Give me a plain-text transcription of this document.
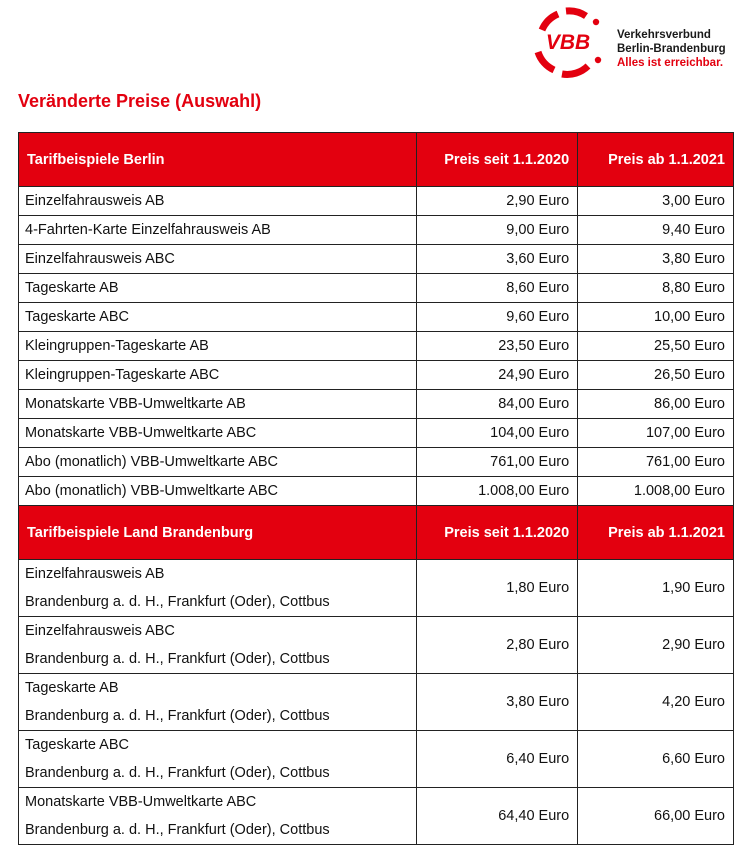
VBB Verkehrsverbund
Berlin-Brandenburg
Alles ist erreichbar.
Veränderte Preise (Auswahl)
Tarifbeispiele Berlin	Preis seit 1.1.2020	Preis ab 1.1.2021

Einzelfahrausweis AB	2,90 Euro	3,00 Euro

4-Fahrten-Karte Einzelfahrausweis AB	9,00 Euro	9,40 Euro

Einzelfahrausweis ABC	3,60 Euro	3,80 Euro

Tageskarte AB	8,60 Euro	8,80 Euro

Tageskarte ABC	9,60 Euro	10,00 Euro

Kleingruppen-Tageskarte AB	23,50 Euro	25,50 Euro

Kleingruppen-Tageskarte ABC	24,90 Euro	26,50 Euro

Monatskarte VBB-Umweltkarte AB	84,00 Euro	86,00 Euro

Monatskarte VBB-Umweltkarte ABC	104,00 Euro	107,00 Euro

Abo (monatlich) VBB-Umweltkarte ABC	761,00 Euro	761,00 Euro

Abo (monatlich) VBB-Umweltkarte ABC	1.008,00 Euro	1.008,00 Euro
Tarifbeispiele Land Brandenburg	Preis seit 1.1.2020	Preis ab 1.1.2021

Einzelfahrausweis AB
Brandenburg a. d. H., Frankfurt (Oder), Cottbus	1,80 Euro	1,90 Euro

Einzelfahrausweis ABC
Brandenburg a. d. H., Frankfurt (Oder), Cottbus	2,80 Euro	2,90 Euro

Tageskarte AB
Brandenburg a. d. H., Frankfurt (Oder), Cottbus	3,80 Euro	4,20 Euro

Tageskarte ABC
Brandenburg a. d. H., Frankfurt (Oder), Cottbus	6,40 Euro	6,60 Euro

Monatskarte VBB-Umweltkarte ABC
Brandenburg a. d. H., Frankfurt (Oder), Cottbus	64,40 Euro	66,00 Euro
